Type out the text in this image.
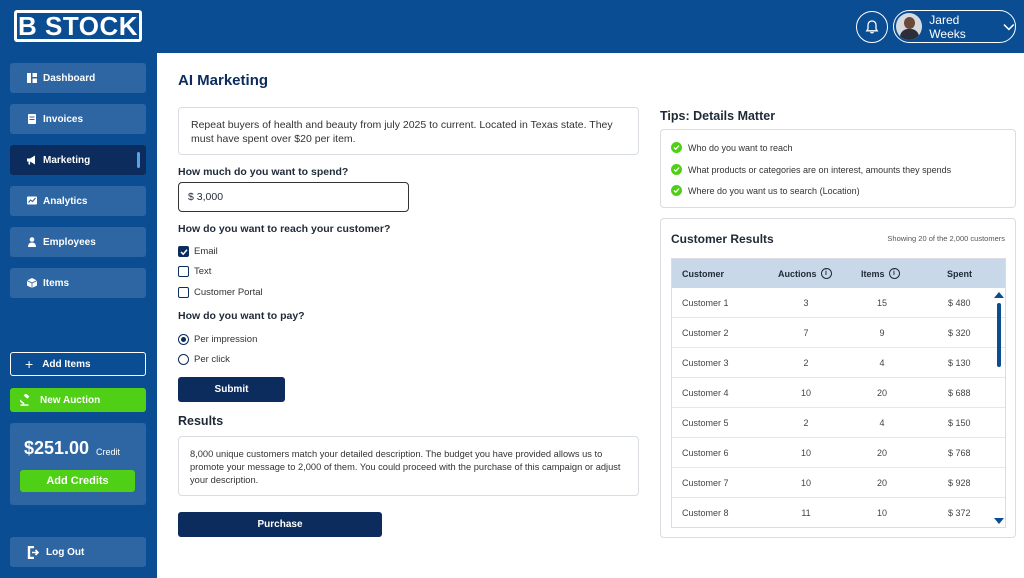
B STOCK	Jared Weeks
Dashboard
Invoices
Marketing
Analytics
Employees
Items
+ Add Items
New Auction
$251.00 Credit
Add Credits
Log Out
AI Marketing
Repeat buyers of health and beauty from july 2025 to current. Located in Texas state. They must have spent over $20 per item.
How much do you want to spend?
$ 3,000
How do you want to reach your customer?
Email
Text
Customer Portal
How do you want to pay?
Per impression
Per click
Submit
Results
8,000 unique customers match your detailed description. The budget you have provided allows us to promote your message to 2,000 of them. You could proceed with the purchase of this campaign or adjust your description.
Purchase
Tips: Details Matter
Who do you want to reach
What products or categories are on interest, amounts they spends
Where do you want us to search (Location)
Customer Results	Showing 20 of the 2,000 customers
Customer	Auctions	i	Items	i	Spent
Customer 1	3	15	$ 480
Customer 2	7	9	$ 320
Customer 3	2	4	$ 130
Customer 4	10	20	$ 688
Customer 5	2	4	$ 150
Customer 6	10	20	$ 768
Customer 7	10	20	$ 928
Customer 8	11	10	$ 372
